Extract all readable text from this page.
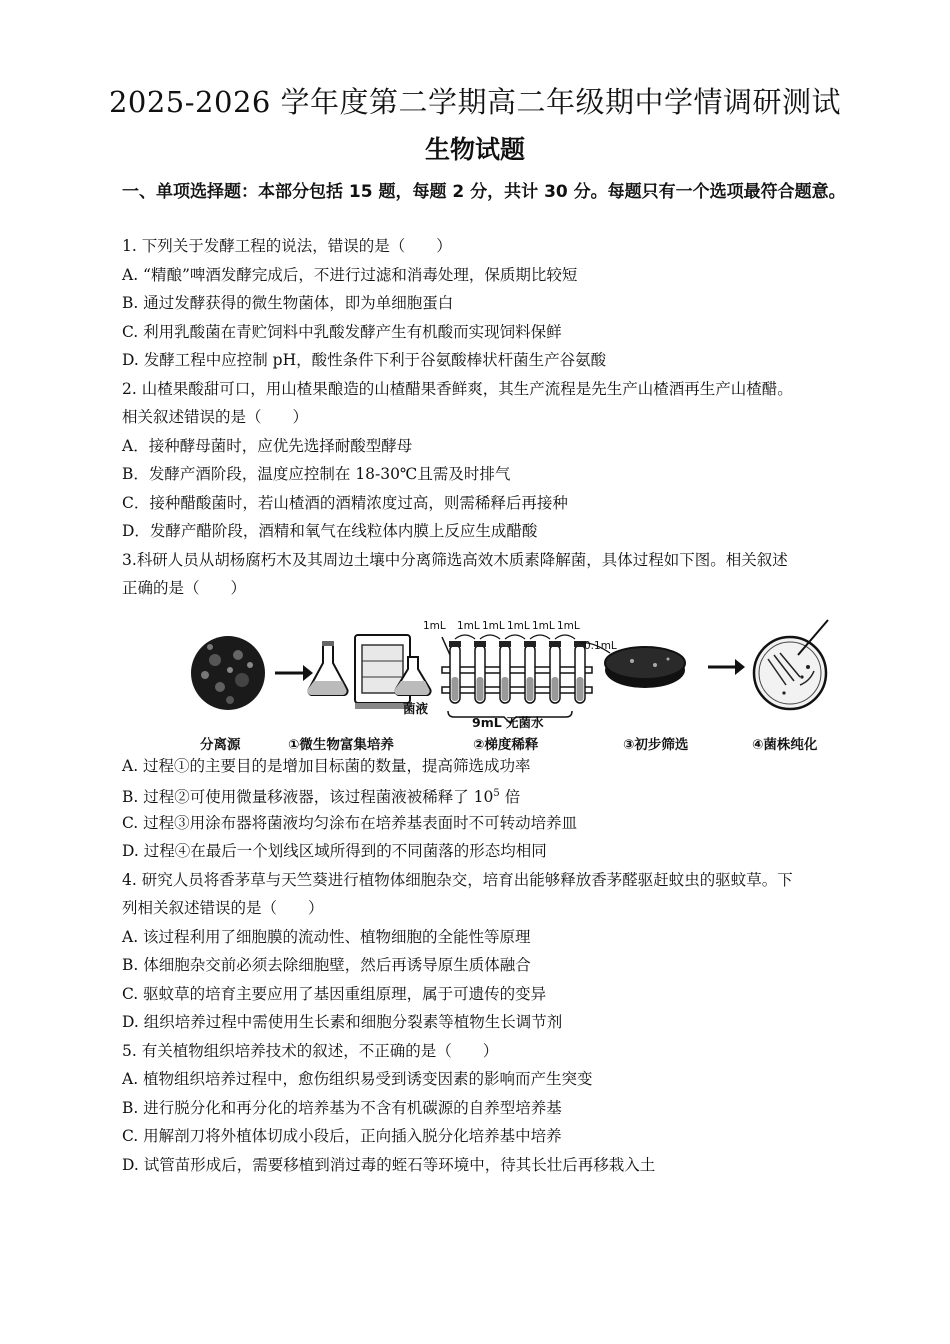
2025-2026 学年度第二学期高二年级期中学情调研测试
生物试题
一、单项选择题：本部分包括 15 题，每题 2 分，共计 30 分。每题只有一个选项最符合题意。
1. 下列关于发酵工程的说法，错误的是（　　）
A. “精酿”啤酒发酵完成后，不进行过滤和消毒处理，保质期比较短
B. 通过发酵获得的微生物菌体，即为单细胞蛋白
C. 利用乳酸菌在青贮饲料中乳酸发酵产生有机酸而实现饲料保鲜
D. 发酵工程中应控制 pH，酸性条件下利于谷氨酸棒状杆菌生产谷氨酸
2. 山楂果酸甜可口，用山楂果酿造的山楂醋果香鲜爽，其生产流程是先生产山楂酒再生产山楂醋。
相关叙述错误的是（　　）
A．接种酵母菌时，应优先选择耐酸型酵母
B．发酵产酒阶段，温度应控制在 18-30℃且需及时排气
C．接种醋酸菌时，若山楂酒的酒精浓度过高，则需稀释后再接种
D．发酵产醋阶段，酒精和氧气在线粒体内膜上反应生成醋酸
3.科研人员从胡杨腐朽木及其周边土壤中分离筛选高效木质素降解菌，具体过程如下图。相关叙述
正确的是（　　）
1mL 1mL 1mL 1mL 1mL 1mL
0.1mL
菌液
9mL 无菌水
分离源	①微生物富集培养	②梯度稀释	③初步筛选	④菌株纯化
A. 过程①的主要目的是增加目标菌的数量，提高筛选成功率
B. 过程②可使用微量移液器，该过程菌液被稀释了 $10^5$ 倍
C. 过程③用涂布器将菌液均匀涂布在培养基表面时不可转动培养皿
D. 过程④在最后一个划线区域所得到的不同菌落的形态均相同
4. 研究人员将香茅草与天竺葵进行植物体细胞杂交，培育出能够释放香茅醛驱赶蚊虫的驱蚊草。下
列相关叙述错误的是（　　）
A. 该过程利用了细胞膜的流动性、植物细胞的全能性等原理
B. 体细胞杂交前必须去除细胞壁，然后再诱导原生质体融合
C. 驱蚊草的培育主要应用了基因重组原理，属于可遗传的变异
D. 组织培养过程中需使用生长素和细胞分裂素等植物生长调节剂
5. 有关植物组织培养技术的叙述，不正确的是（　　）
A. 植物组织培养过程中，愈伤组织易受到诱变因素的影响而产生突变
B. 进行脱分化和再分化的培养基为不含有机碳源的自养型培养基
C. 用解剖刀将外植体切成小段后，正向插入脱分化培养基中培养
D. 试管苗形成后，需要移植到消过毒的蛭石等环境中，待其长壮后再移栽入土
